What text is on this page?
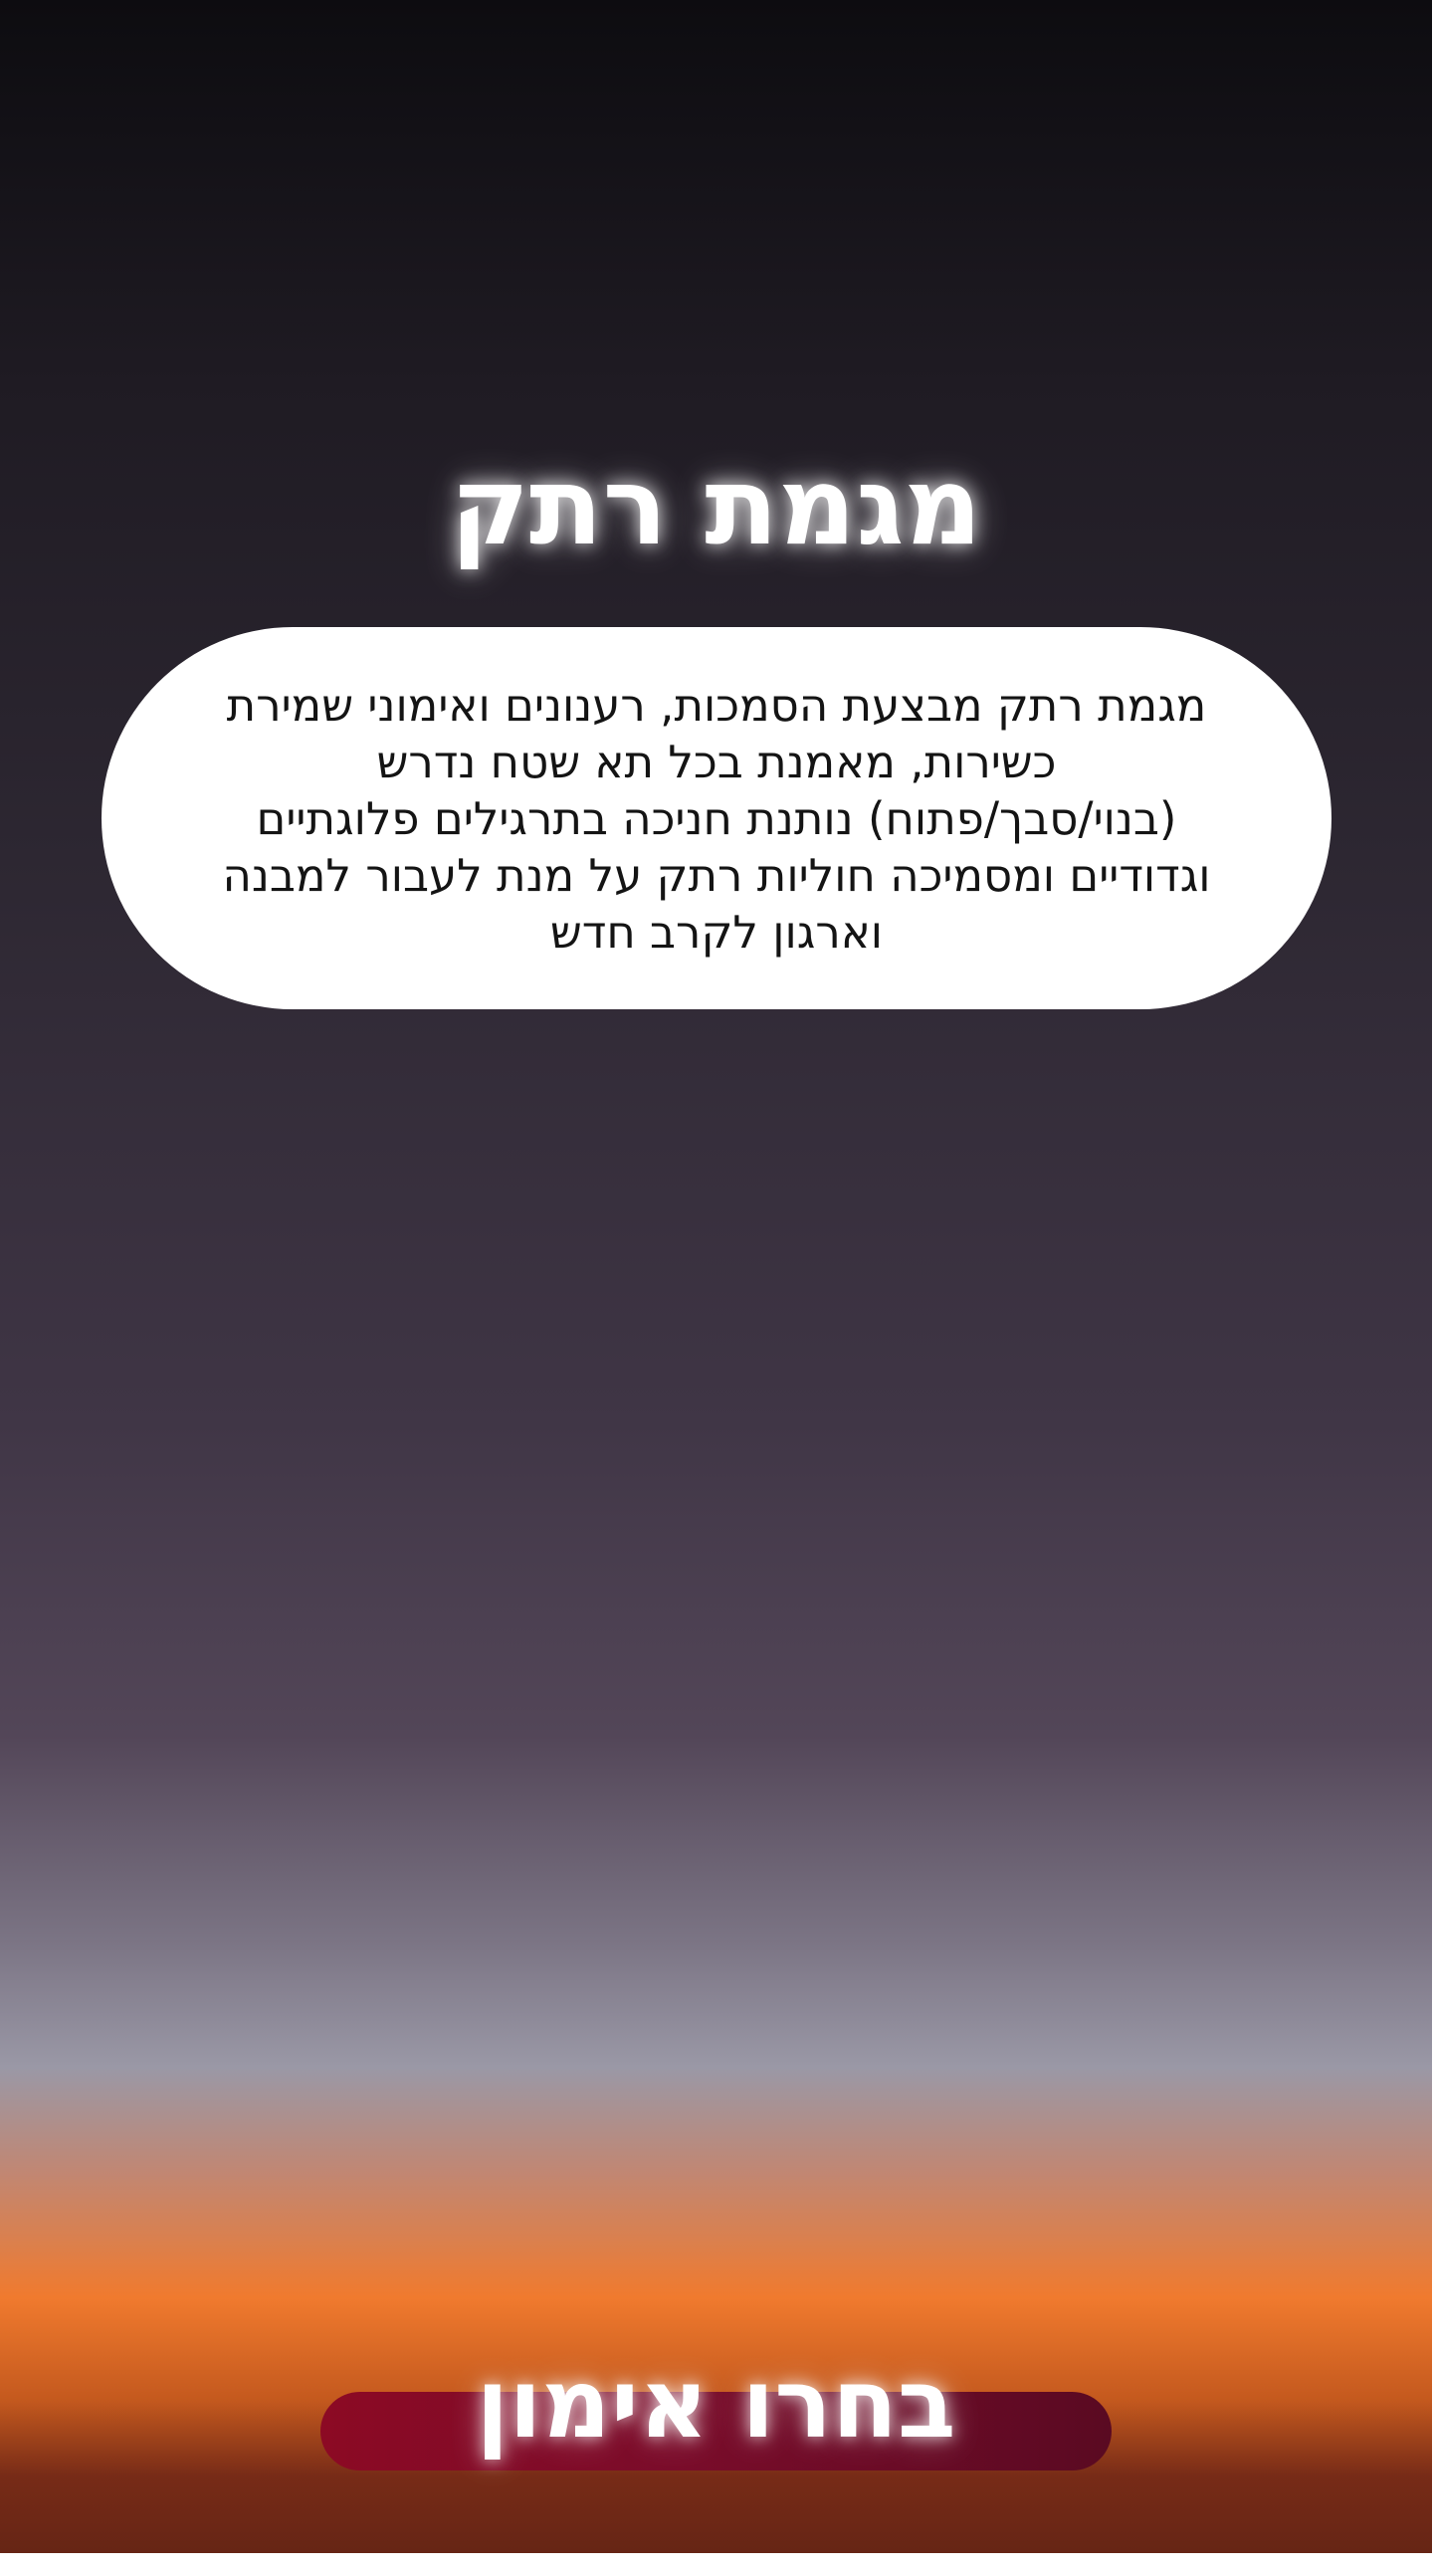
מגמת רתק

מגמת רתק מבצעת הסמכות, רענונים ואימוני שמירת
כשירות, מאמנת בכל תא שטח נדרש
(בנוי/סבך/פתוח) נותנת חניכה בתרגילים פלוגתיים
וגדודיים ומסמיכה חוליות רתק על מנת לעבור למבנה
וארגון לקרב חדש

בחרו אימון
